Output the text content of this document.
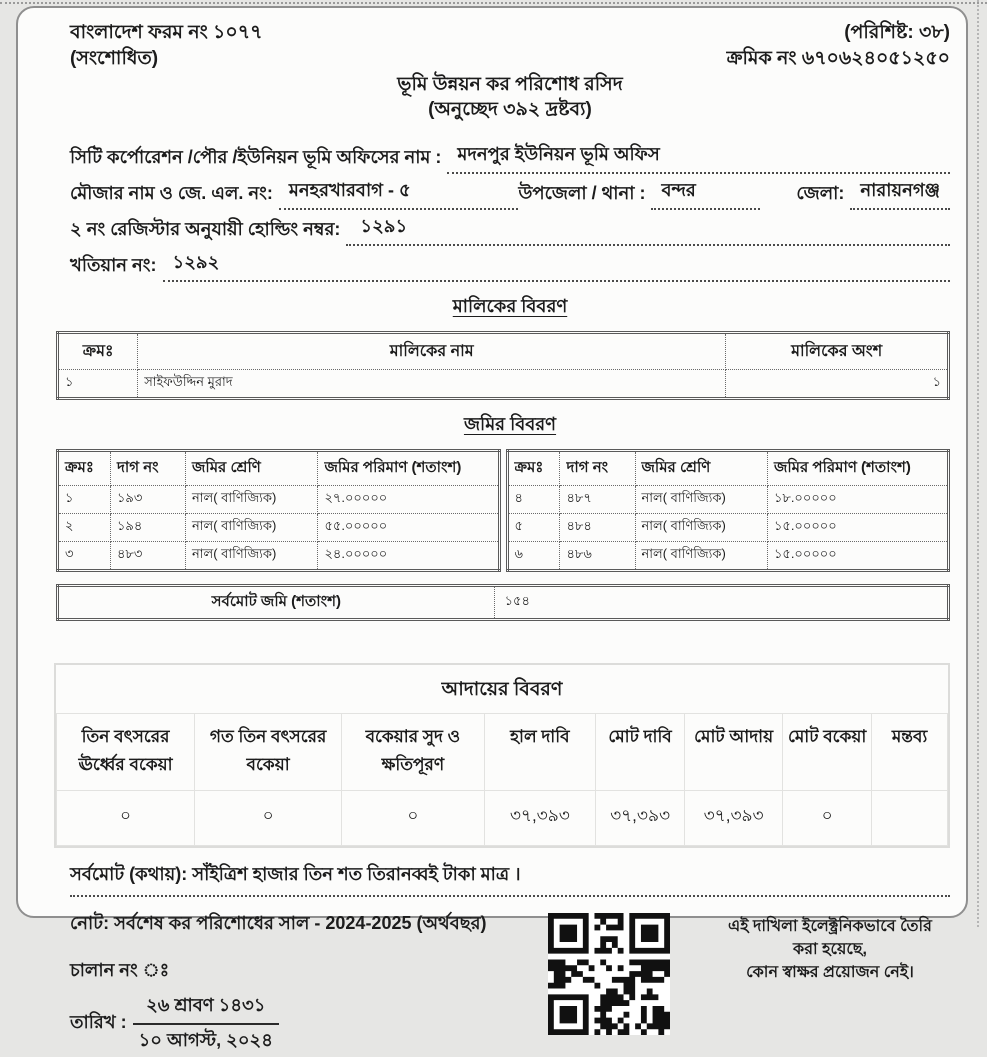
বাংলাদেশ ফরম নং ১০৭৭
(সংশোধিত)
(পরিশিষ্ট: ৩৮)
ক্রমিক নং ৬৭০৬২৪০৫১২৫০
ভূমি উন্নয়ন কর পরিশোধ রসিদ
(অনুচ্ছেদ ৩৯২ দ্রষ্টব্য)
সিটি কর্পোরেশন /পৌর /ইউনিয়ন ভূমি অফিসের নাম : মদনপুর ইউনিয়ন ভূমি অফিস
মৌজার নাম ও জে. এল. নং: মনহরখারবাগ - ৫	উপজেলা / থানা : বন্দর	জেলা: নারায়নগঞ্জ
২ নং রেজিস্টার অনুযায়ী হোল্ডিং নম্বর:	১২৯১
খতিয়ান নং: ১২৯২
মালিকের বিবরণ
ক্রমঃ	মালিকের নাম	মালিকের অংশ
১	সাইফউদ্দিন মুরাদ	১
জমির বিবরণ
ক্রমঃ	দাগ নং	জমির শ্রেণি	জমির পরিমাণ (শতাংশ)
১	১৯৩	নাল( বাণিজ্যিক)	২৭.০০০০০
২	১৯৪	নাল( বাণিজ্যিক)	৫৫.০০০০০
৩	৪৮৩	নাল( বাণিজ্যিক)	২৪.০০০০০
ক্রমঃ	দাগ নং	জমির শ্রেণি	জমির পরিমাণ (শতাংশ)
৪	৪৮৭	নাল( বাণিজ্যিক)	১৮.০০০০০
৫	৪৮৪	নাল( বাণিজ্যিক)	১৫.০০০০০
৬	৪৮৬	নাল( বাণিজ্যিক)	১৫.০০০০০
সর্বমোট জমি (শতাংশ)	১৫৪
আদায়ের বিবরণ
তিন বৎসরের ঊর্ধ্বের বকেয়া	গত তিন বৎসরের বকেয়া	বকেয়ার সুদ ও ক্ষতিপূরণ	হাল দাবি	মোট দাবি	মোট আদায়	মোট বকেয়া	মন্তব্য
০	০	০	৩৭,৩৯৩	৩৭,৩৯৩	৩৭,৩৯৩	০	
সর্বমোট (কথায়): সাঁইত্রিশ হাজার তিন শত তিরানব্বই টাকা মাত্র ।
নোট: সর্বশেষ কর পরিশোধের সাল - 2024-2025 (অর্থবছর)
চালান নং ঃ
তারিখ : $\frac{\text{২৬ শ্রাবণ ১৪৩১}}{\text{১০ আগস্ট, ২০২৪}}$
এই দাখিলা ইলেক্ট্রনিকভাবে তৈরি করা হয়েছে,
কোন স্বাক্ষর প্রয়োজন নেই।
